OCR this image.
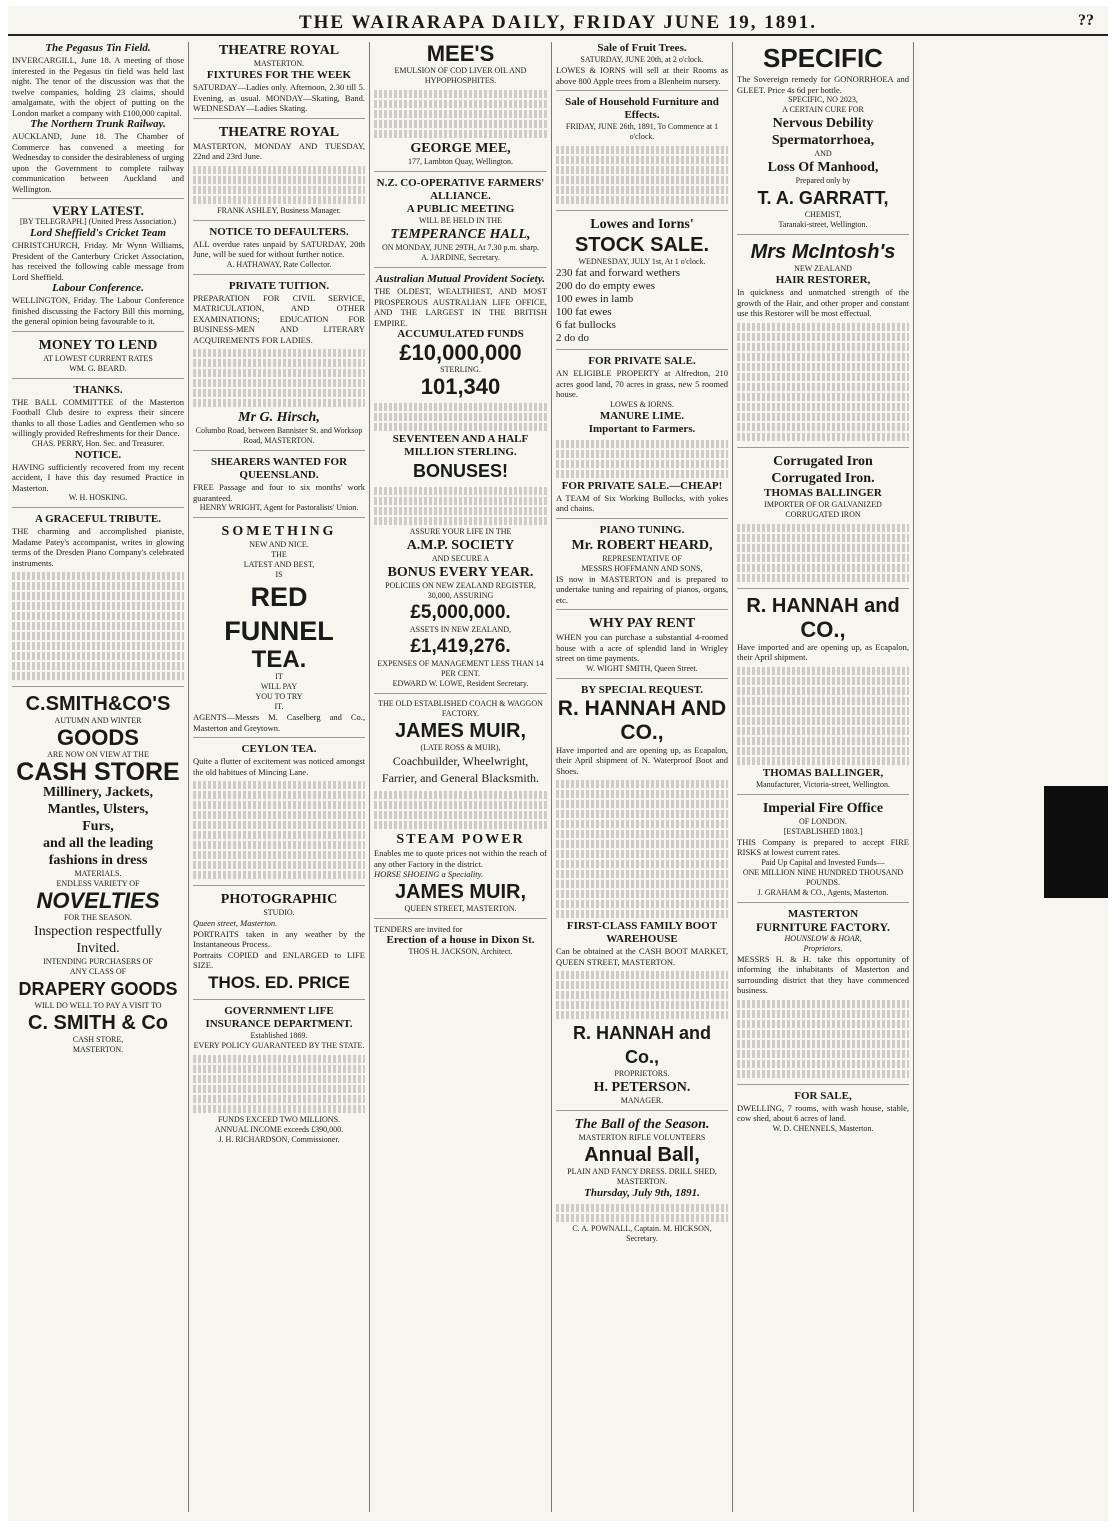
THE WAIRARAPA DAILY, FRIDAY JUNE 19, 1891.	??
The Pegasus Tin Field.
INVERCARGILL, June 18. A meeting of those interested in the Pegasus tin field was held last night. The tenor of the discussion was that the twelve companies, holding 23 claims, should amalgamate, with the object of putting on the London market a company with £100,000 capital.
The Northern Trunk Railway.
AUCKLAND, June 18. The Chamber of Commerce has convened a meeting for Wednesday to consider the desirableness of urging upon the Government to complete railway communication between Auckland and Wellington.
VERY LATEST.
[BY TELEGRAPH.] (United Press Association.)
Lord Sheffield's Cricket Team
CHRISTCHURCH, Friday. Mr Wynn Williams, President of the Canterbury Cricket Association, has received the following cable message from Lord Sheffield.
Labour Conference.
WELLINGTON, Friday. The Labour Conference finished discussing the Factory Bill this morning, the general opinion being favourable to it.
MONEY TO LEND
AT LOWEST CURRENT RATES
WM. G. BEARD.
THANKS.
THE BALL COMMITTEE of the Masterton Football Club desire to express their sincere thanks to all those Ladies and Gentlemen who so willingly provided Refreshments for their Dance.
CHAS. PERRY, Hon. Sec. and Treasurer.
NOTICE.
HAVING sufficiently recovered from my recent accident, I have this day resumed Practice in Masterton.
W. H. HOSKING.
A GRACEFUL TRIBUTE.
THE charming and accomplished pianiste, Madame Patey's accompanist, writes in glowing terms of the Dresden Piano Company's celebrated instruments.
C.SMITH&CO'S
AUTUMN AND WINTER
GOODS
ARE NOW ON VIEW AT THE
CASH STORE
Millinery, Jackets,
Mantles, Ulsters,
Furs,
and all the leading
fashions in dress
MATERIALS.
ENDLESS VARIETY OF
NOVELTIES
FOR THE SEASON.
Inspection respectfully Invited.
INTENDING PURCHASERS OF
ANY CLASS OF
DRAPERY GOODS
WILL DO WELL TO PAY A VISIT TO
C. SMITH & Co
CASH STORE,
MASTERTON.
THEATRE ROYAL
MASTERTON.
FIXTURES FOR THE WEEK
SATURDAY—Ladies only. Afternoon, 2.30 till 5. Evening, as usual. MONDAY—Skating, Band. WEDNESDAY—Ladies Skating.
THEATRE ROYAL
MASTERTON, MONDAY AND TUESDAY, 22nd and 23rd June.
FRANK ASHLEY, Business Manager.
NOTICE TO DEFAULTERS.
ALL overdue rates unpaid by SATURDAY, 20th June, will be sued for without further notice.
A. HATHAWAY, Rate Collector.
PRIVATE TUITION.
PREPARATION FOR CIVIL SERVICE, MATRICULATION, AND OTHER EXAMINATIONS; EDUCATION FOR BUSINESS-MEN AND LITERARY ACQUIREMENTS FOR LADIES.
Mr G. Hirsch,
Columbo Road, between Bannister St. and Worksop Road, MASTERTON.
SHEARERS WANTED FOR QUEENSLAND.
FREE Passage and four to six months' work guaranteed.
HENRY WRIGHT, Agent for Pastoralists' Union.
SOMETHING
NEW AND NICE.
THE
LATEST AND BEST,
IS
RED FUNNEL
TEA.
IT
WILL PAY
YOU TO TRY
IT.
AGENTS—Messrs M. Caselberg and Co., Masterton and Greytown.
CEYLON TEA.
Quite a flutter of excitement was noticed amongst the old habitues of Mincing Lane.
PHOTOGRAPHIC
STUDIO.
Queen street, Masterton.
PORTRAITS taken in any weather by the Instantaneous Process.
Portraits COPIED and ENLARGED to LIFE SIZE.
THOS. ED. PRICE
GOVERNMENT LIFE INSURANCE DEPARTMENT.
Established 1869.
EVERY POLICY GUARANTEED BY THE STATE.
FUNDS EXCEED TWO MILLIONS.
ANNUAL INCOME exceeds £390,000.
J. H. RICHARDSON, Commissioner.
MEE'S
EMULSION OF COD LIVER OIL AND HYPOPHOSPHITES.
GEORGE MEE,
177, Lambton Quay, Wellington.
N.Z. CO-OPERATIVE FARMERS' ALLIANCE.
A PUBLIC MEETING
WILL BE HELD IN THE
TEMPERANCE HALL,
ON MONDAY, JUNE 29TH, At 7.30 p.m. sharp.
A. JARDINE, Secretary.
Australian Mutual Provident Society.
THE OLDEST, WEALTHIEST, AND MOST PROSPEROUS AUSTRALIAN LIFE OFFICE, AND THE LARGEST IN THE BRITISH EMPIRE.
ACCUMULATED FUNDS
£10,000,000
STERLING.
101,340
SEVENTEEN AND A HALF MILLION STERLING.
BONUSES!
ASSURE YOUR LIFE IN THE
A.M.P. SOCIETY
AND SECURE A
BONUS EVERY YEAR.
POLICIES ON NEW ZEALAND REGISTER, 30,000, ASSURING
£5,000,000.
ASSETS IN NEW ZEALAND,
£1,419,276.
EXPENSES OF MANAGEMENT LESS THAN 14 PER CENT.
EDWARD W. LOWE, Resident Secretary.
THE OLD ESTABLISHED COACH & WAGGON FACTORY.
JAMES MUIR,
(LATE ROSS & MUIR),
Coachbuilder, Wheelwright, Farrier, and General Blacksmith.
STEAM POWER
Enables me to quote prices not within the reach of any other Factory in the district.
HORSE SHOEING a Speciality.
JAMES MUIR,
QUEEN STREET, MASTERTON.
TENDERS are invited for
Erection of a house in Dixon St.
THOS H. JACKSON, Architect.
Sale of Fruit Trees.
SATURDAY, JUNE 20th, at 2 o'clock.
LOWES & IORNS will sell at their Rooms as above 800 Apple trees from a Blenheim nursery.
Sale of Household Furniture and Effects.
FRIDAY, JUNE 26th, 1891, To Commence at 1 o'clock.
Lowes and Iorns'
STOCK SALE.
WEDNESDAY, JULY 1st, At 1 o'clock.
230 fat and forward wethers
200 do do empty ewes
100 ewes in lamb
100 fat ewes
6 fat bullocks
2 do do
FOR PRIVATE SALE.
AN ELIGIBLE PROPERTY at Alfredton, 210 acres good land, 70 acres in grass, new 5 roomed house.
LOWES & IORNS.
MANURE LIME.
Important to Farmers.
FOR PRIVATE SALE.—CHEAP!
A TEAM of Six Working Bullocks, with yokes and chains.
PIANO TUNING.
Mr. ROBERT HEARD,
REPRESENTATIVE OF
MESSRS HOFFMANN AND SONS,
IS now in MASTERTON and is prepared to undertake tuning and repairing of pianos, organs, etc.
WHY PAY RENT
WHEN you can purchase a substantial 4-roomed house with a acre of splendid land in Wrigley street on time payments.
W. WIGHT SMITH, Queen Street.
BY SPECIAL REQUEST.
R. HANNAH AND CO.,
Have imported and are opening up, as Ecapalon, their April shipment of N. Waterproof Boot and Shoes.
FIRST-CLASS FAMILY BOOT WAREHOUSE
Can be obtained at the CASH BOOT MARKET, QUEEN STREET, MASTERTON.
R. HANNAH and Co.,
PROPRIETORS.
H. PETERSON.
MANAGER.
The Ball of the Season.
MASTERTON RIFLE VOLUNTEERS
Annual Ball,
PLAIN AND FANCY DRESS. DRILL SHED, MASTERTON.
Thursday, July 9th, 1891.
C. A. POWNALL, Captain. M. HICKSON, Secretary.
SPECIFIC
The Sovereign remedy for GONORRHOEA and GLEET. Price 4s 6d per bottle.
SPECIFIC, NO 2023,
A CERTAIN CURE FOR
Nervous Debility
Spermatorrhoea,
AND
Loss Of Manhood,
Prepared only by
T. A. GARRATT,
CHEMIST,
Taranaki-street, Wellington.
Mrs McIntosh's
NEW ZEALAND
HAIR RESTORER,
In quickness and unmatched strength of the growth of the Hair, and other proper and constant use this Restorer will be most effectual.
Corrugated Iron
Corrugated Iron.
THOMAS BALLINGER
IMPORTER OF OR GALVANIZED CORRUGATED IRON
R. HANNAH and
CO.,
Have imported and are opening up, as Ecapalon, their April shipment.
THOMAS BALLINGER,
Manufacturer, Victoria-street, Wellington.
Imperial Fire Office
OF LONDON.
[ESTABLISHED 1803.]
THIS Company is prepared to accept FIRE RISKS at lowest current rates.
Paid Up Capital and Invested Funds—
ONE MILLION NINE HUNDRED THOUSAND POUNDS.
J. GRAHAM & CO., Agents, Masterton.
MASTERTON
FURNITURE FACTORY.
HOUNSLOW & HOAR,
Proprietors.
MESSRS H. & H. take this opportunity of informing the inhabitants of Masterton and surrounding district that they have commenced business.
FOR SALE,
DWELLING, 7 rooms, with wash house, stable, cow shed, about 6 acres of land.
W. D. CHENNELS, Masterton.
